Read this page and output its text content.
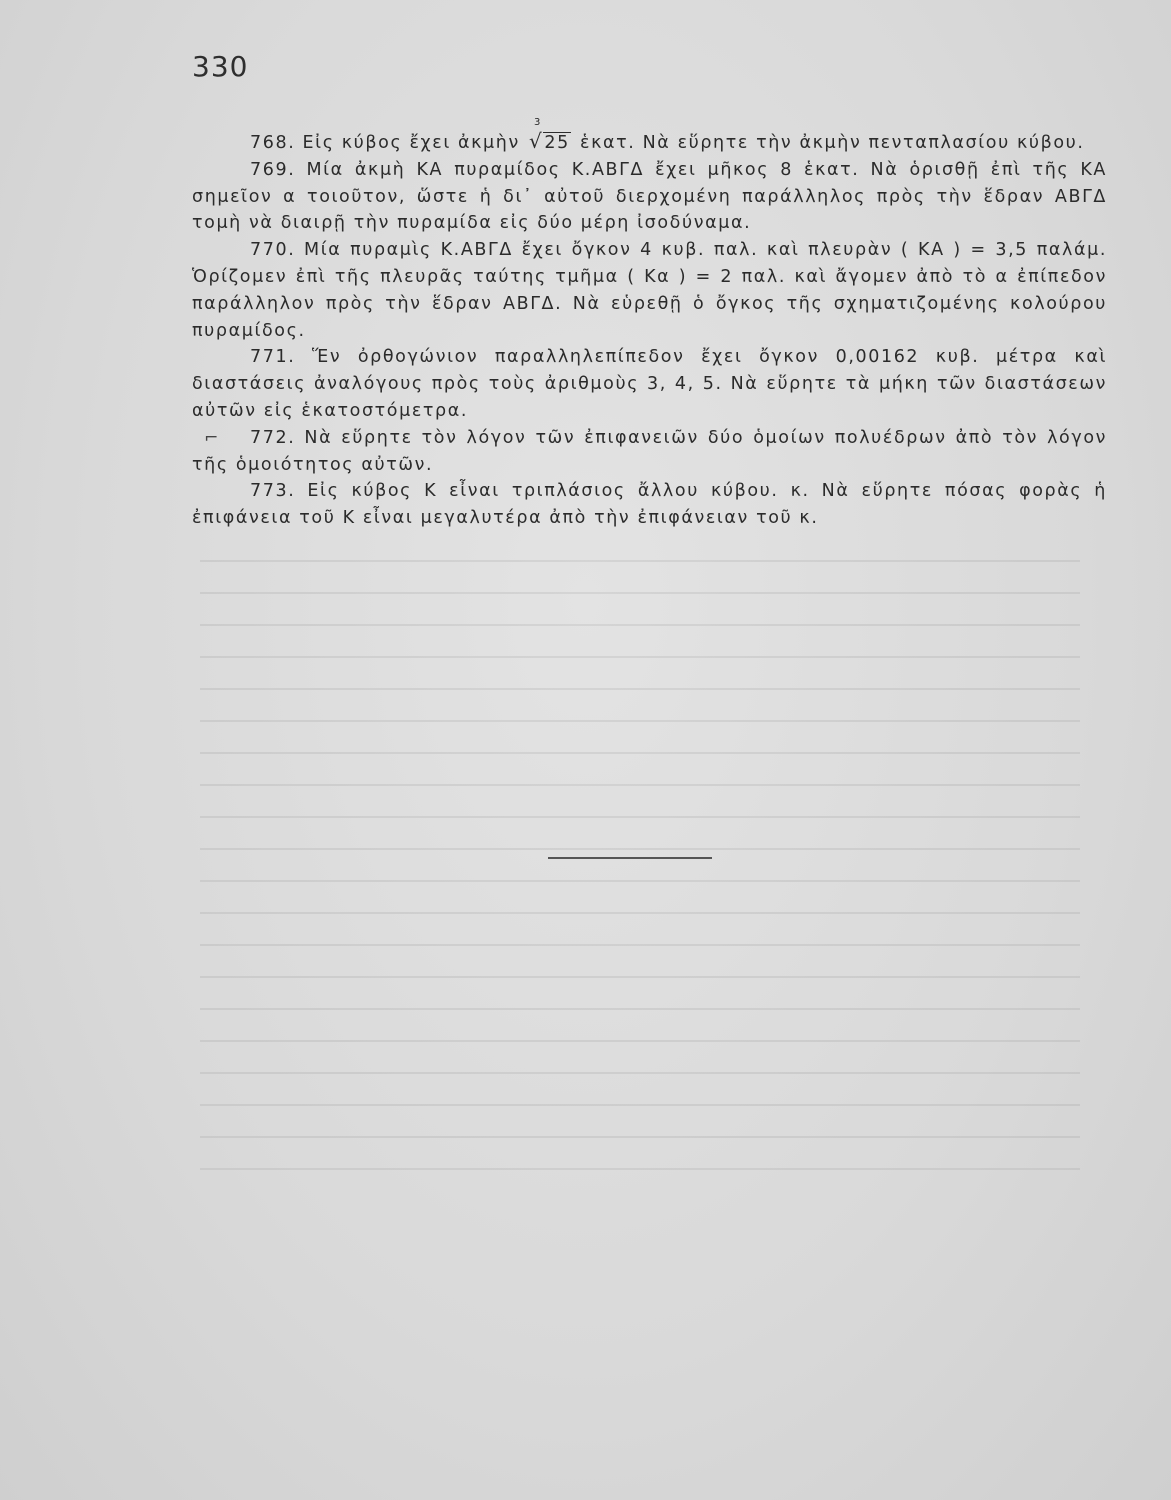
330

768. Εἰς κύβος ἔχει ἀκμὴν
3
√25 ἑκατ. Νὰ εὕρητε τὴν ἀκμὴν πενταπλασίου κύβου.

769. Μία ἀκμὴ ΚΑ πυραμίδος Κ.ΑΒΓΔ ἔχει μῆκος 8 ἑκατ. Νὰ ὁρισθῇ ἐπὶ τῆς ΚΑ σημεῖον α τοιοῦτον, ὥστε ἡ δι᾿ αὐτοῦ διερχομένη παράλληλος πρὸς τὴν ἕδραν ΑΒΓΔ τομὴ νὰ διαιρῇ τὴν πυραμίδα εἰς δύο μέρη ἰσοδύναμα.

770. Μία πυραμὶς Κ.ΑΒΓΔ ἔχει ὄγκον 4 κυβ. παλ. καὶ πλευρὰν ( ΚΑ ) = 3,5 παλάμ. Ὁρίζομεν ἐπὶ τῆς πλευρᾶς ταύτης τμῆμα ( Κα ) = 2 παλ. καὶ ἄγομεν ἀπὸ τὸ α ἐπίπεδον παράλληλον πρὸς τὴν ἕδραν ΑΒΓΔ. Νὰ εὑρεθῇ ὁ ὄγκος τῆς σχηματιζομένης κολούρου πυραμίδος.

771. Ἕν ὀρθογώνιον παραλληλεπίπεδον ἔχει ὄγκον 0,00162 κυβ. μέτρα καὶ διαστάσεις ἀναλόγους πρὸς τοὺς ἀριθμοὺς 3, 4, 5. Νὰ εὕρητε τὰ μήκη τῶν διαστάσεων αὐτῶν εἰς ἑκατοστόμετρα.

⌐ 772. Νὰ εὕρητε τὸν λόγον τῶν ἐπιφανειῶν δύο ὁμοίων πολυέδρων ἀπὸ τὸν λόγον τῆς ὁμοιότητος αὐτῶν.

773. Εἰς κύβος Κ εἶναι τριπλάσιος ἄλλου κύβου. κ. Νὰ εὕρητε πόσας φορὰς ἡ ἐπιφάνεια τοῦ Κ εἶναι μεγαλυτέρα ἀπὸ τὴν ἐπιφάνειαν τοῦ κ.
